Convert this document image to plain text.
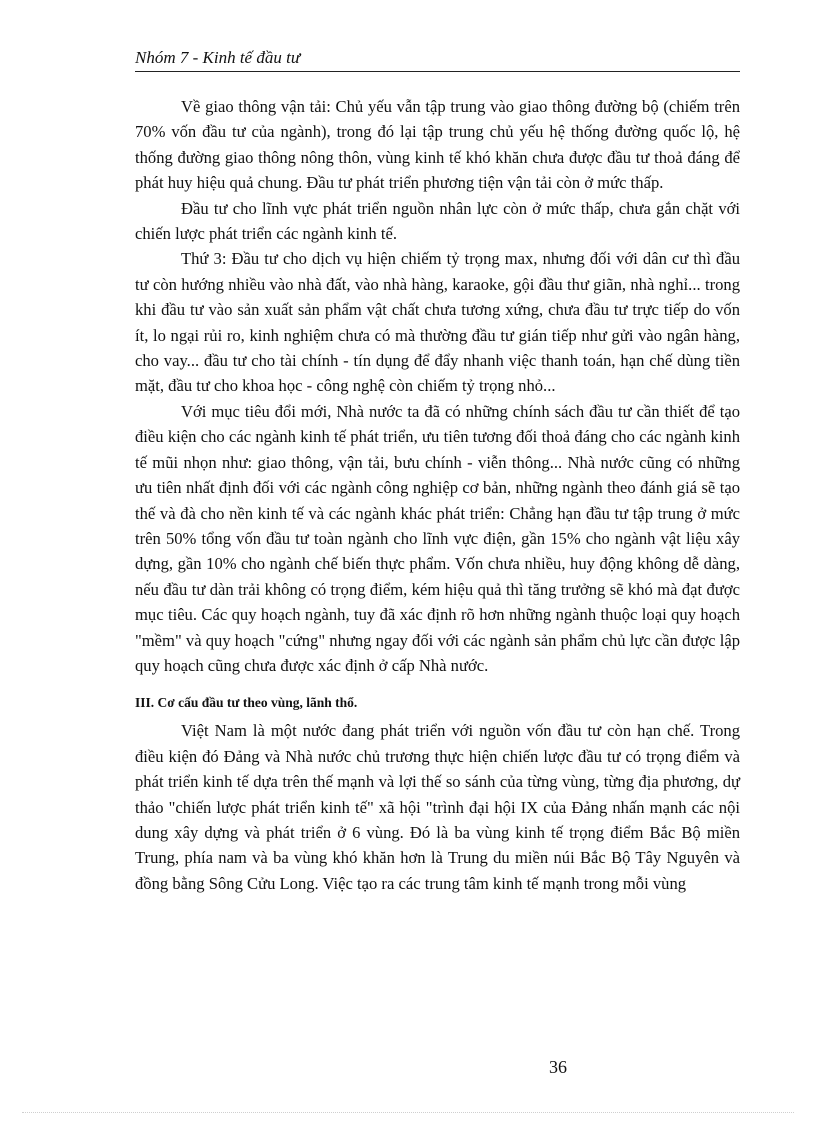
Nhóm 7 - Kinh tế đầu tư

Về giao thông vận tải: Chủ yếu vẫn tập trung vào giao thông đường bộ (chiếm trên 70% vốn đầu tư của ngành), trong đó lại tập trung chủ yếu hệ thống đường quốc lộ, hệ thống đường giao thông nông thôn, vùng kinh tế khó khăn chưa được đầu tư thoả đáng để phát huy hiệu quả chung. Đầu tư phát triển phương tiện vận tải còn ở mức thấp.

Đầu tư cho lĩnh vực phát triển nguồn nhân lực còn ở mức thấp, chưa gắn chặt với chiến lược phát triển các ngành kinh tế.

Thứ 3: Đầu tư cho dịch vụ hiện chiếm tỷ trọng max, nhưng đối với dân cư thì đầu tư còn hướng nhiều vào nhà đất, vào nhà hàng, karaoke, gội đầu thư giãn, nhà nghỉ... trong khi đầu tư vào sản xuất sản phẩm vật chất chưa tương xứng, chưa đầu tư trực tiếp do vốn ít, lo ngại rủi ro, kinh nghiệm chưa có mà thường đầu tư gián tiếp như gửi vào ngân hàng, cho vay... đầu tư cho tài chính - tín dụng để đẩy nhanh việc thanh toán, hạn chế dùng tiền mặt, đầu tư cho khoa học - công nghệ còn chiếm tỷ trọng nhỏ...

Với mục tiêu đổi mới, Nhà nước ta đã có những chính sách đầu tư cần thiết để tạo điều kiện cho các ngành kinh tế phát triển, ưu tiên tương đối thoả đáng cho các ngành kinh tế mũi nhọn như: giao thông, vận tải, bưu chính - viễn thông... Nhà nước cũng có những ưu tiên nhất định đối với các ngành công nghiệp cơ bản, những ngành theo đánh giá sẽ tạo thế và đà cho nền kinh tế và các ngành khác phát triển: Chẳng hạn đầu tư tập trung ở mức trên 50% tổng vốn đầu tư toàn ngành cho lĩnh vực điện, gần 15% cho ngành vật liệu xây dựng, gần 10% cho ngành chế biến thực phẩm. Vốn chưa nhiều, huy động không dễ dàng, nếu đầu tư dàn trải không có trọng điểm, kém hiệu quả thì tăng trưởng sẽ khó mà đạt được mục tiêu. Các quy hoạch ngành, tuy đã xác định rõ hơn những ngành thuộc loại quy hoạch "mềm" và quy hoạch "cứng" nhưng ngay đối với các ngành sản phẩm chủ lực cần được lập quy hoạch cũng chưa được xác định ở cấp Nhà nước.

III. Cơ cấu đầu tư theo vùng, lãnh thổ.

Việt Nam là một nước đang phát triển với nguồn vốn đầu tư còn hạn chế. Trong điều kiện đó Đảng và Nhà nước chủ trương thực hiện chiến lược đầu tư có trọng điểm và phát triển kinh tế dựa trên thế mạnh và lợi thế so sánh của từng vùng, từng địa phương, dự thảo "chiến lược phát triển kinh tế" xã hội "trình đại hội IX của Đảng nhấn mạnh các nội dung xây dựng và phát triển ở 6 vùng. Đó là ba vùng kinh tế trọng điểm Bắc Bộ miền Trung, phía nam và ba vùng khó khăn hơn là Trung du miền núi Bắc Bộ Tây Nguyên và đồng bằng Sông Cửu Long. Việc tạo ra các trung tâm kinh tế mạnh trong mỗi vùng

36
